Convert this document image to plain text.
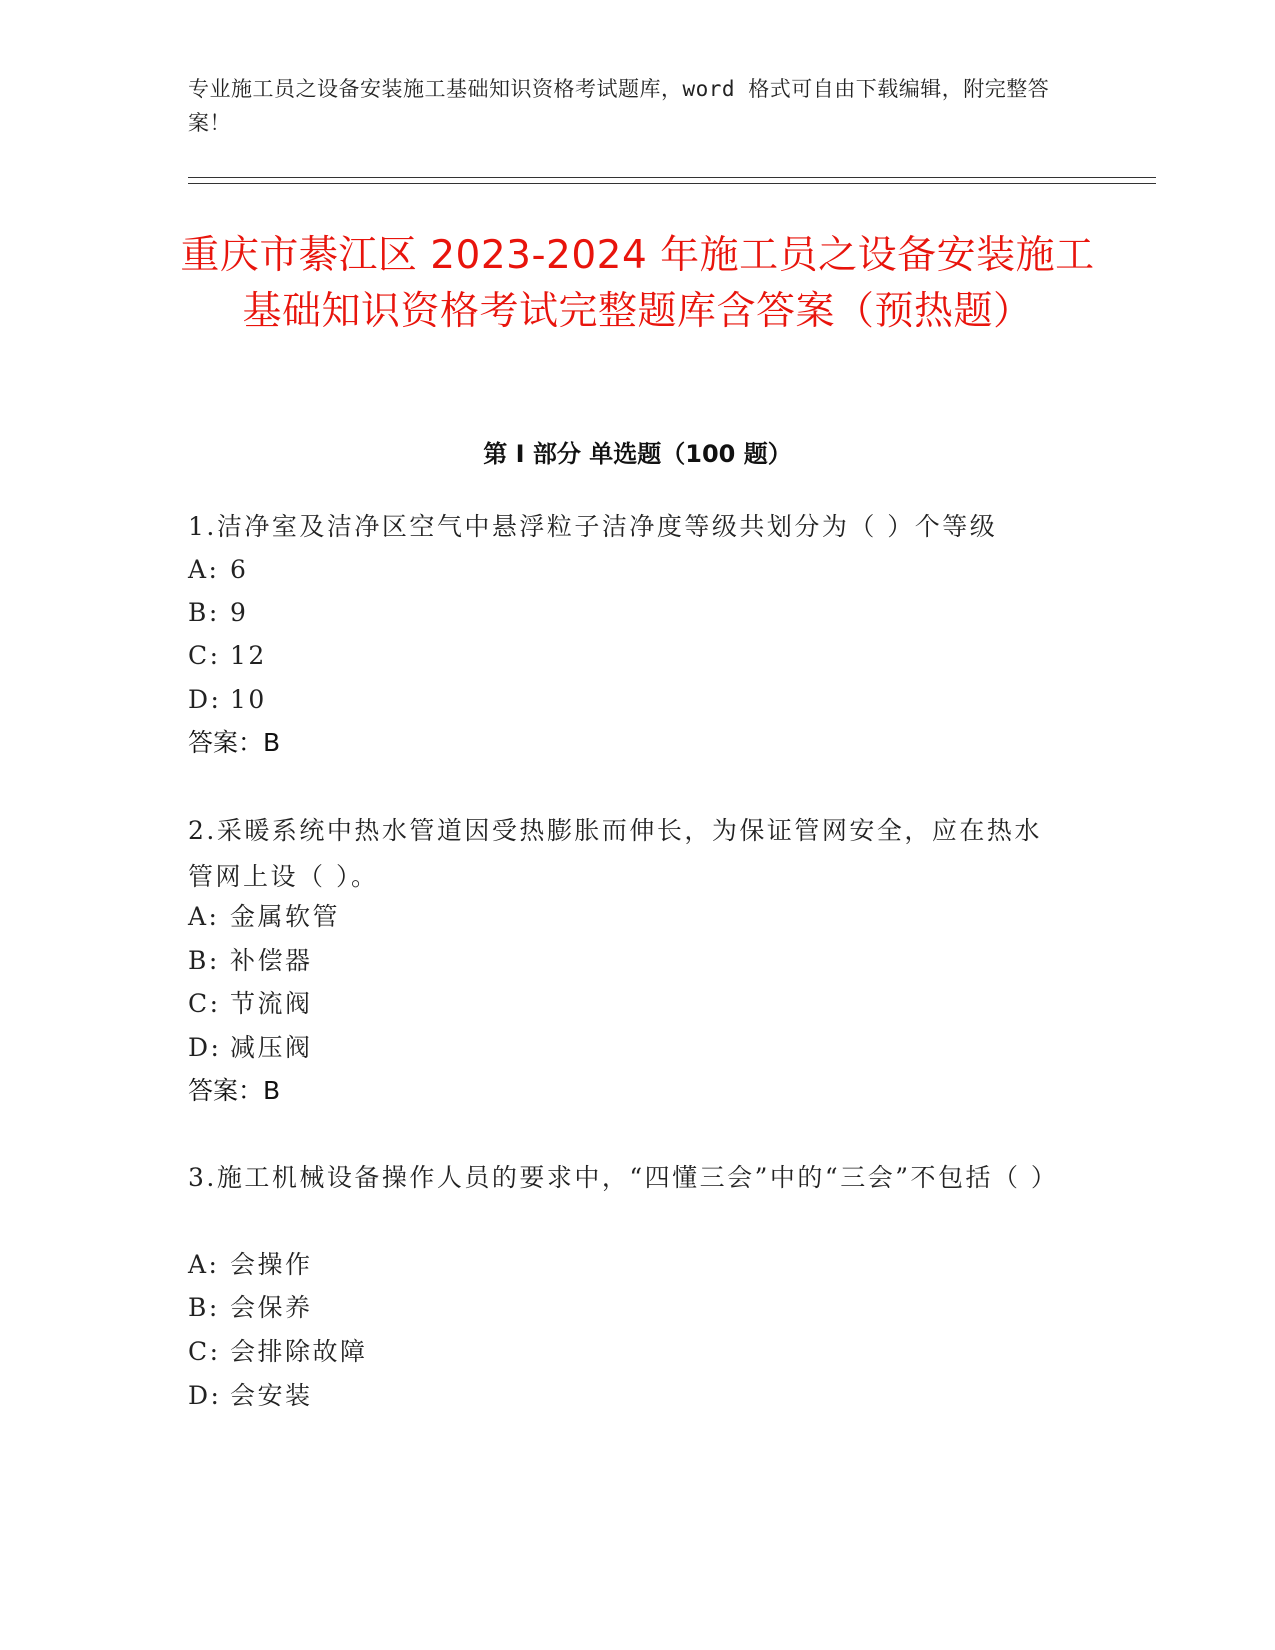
专业施工员之设备安装施工基础知识资格考试题库，word 格式可自由下载编辑，附完整答案！
重庆市綦江区 2023-2024 年施工员之设备安装施工基础知识资格考试完整题库含答案（预热题）
第 I 部分 单选题（100 题）

1.洁净室及洁净区空气中悬浮粒子洁净度等级共划分为（ ）个等级

A: 6
B: 9
C: 12
D: 10
答案：B

2.采暖系统中热水管道因受热膨胀而伸长，为保证管网安全，应在热水管网上设（ ）。

A: 金属软管
B: 补偿器
C: 节流阀
D: 减压阀
答案：B

3.施工机械设备操作人员的要求中，“四懂三会”中的“三会”不包括（ ）

A: 会操作
B: 会保养
C: 会排除故障
D: 会安装
